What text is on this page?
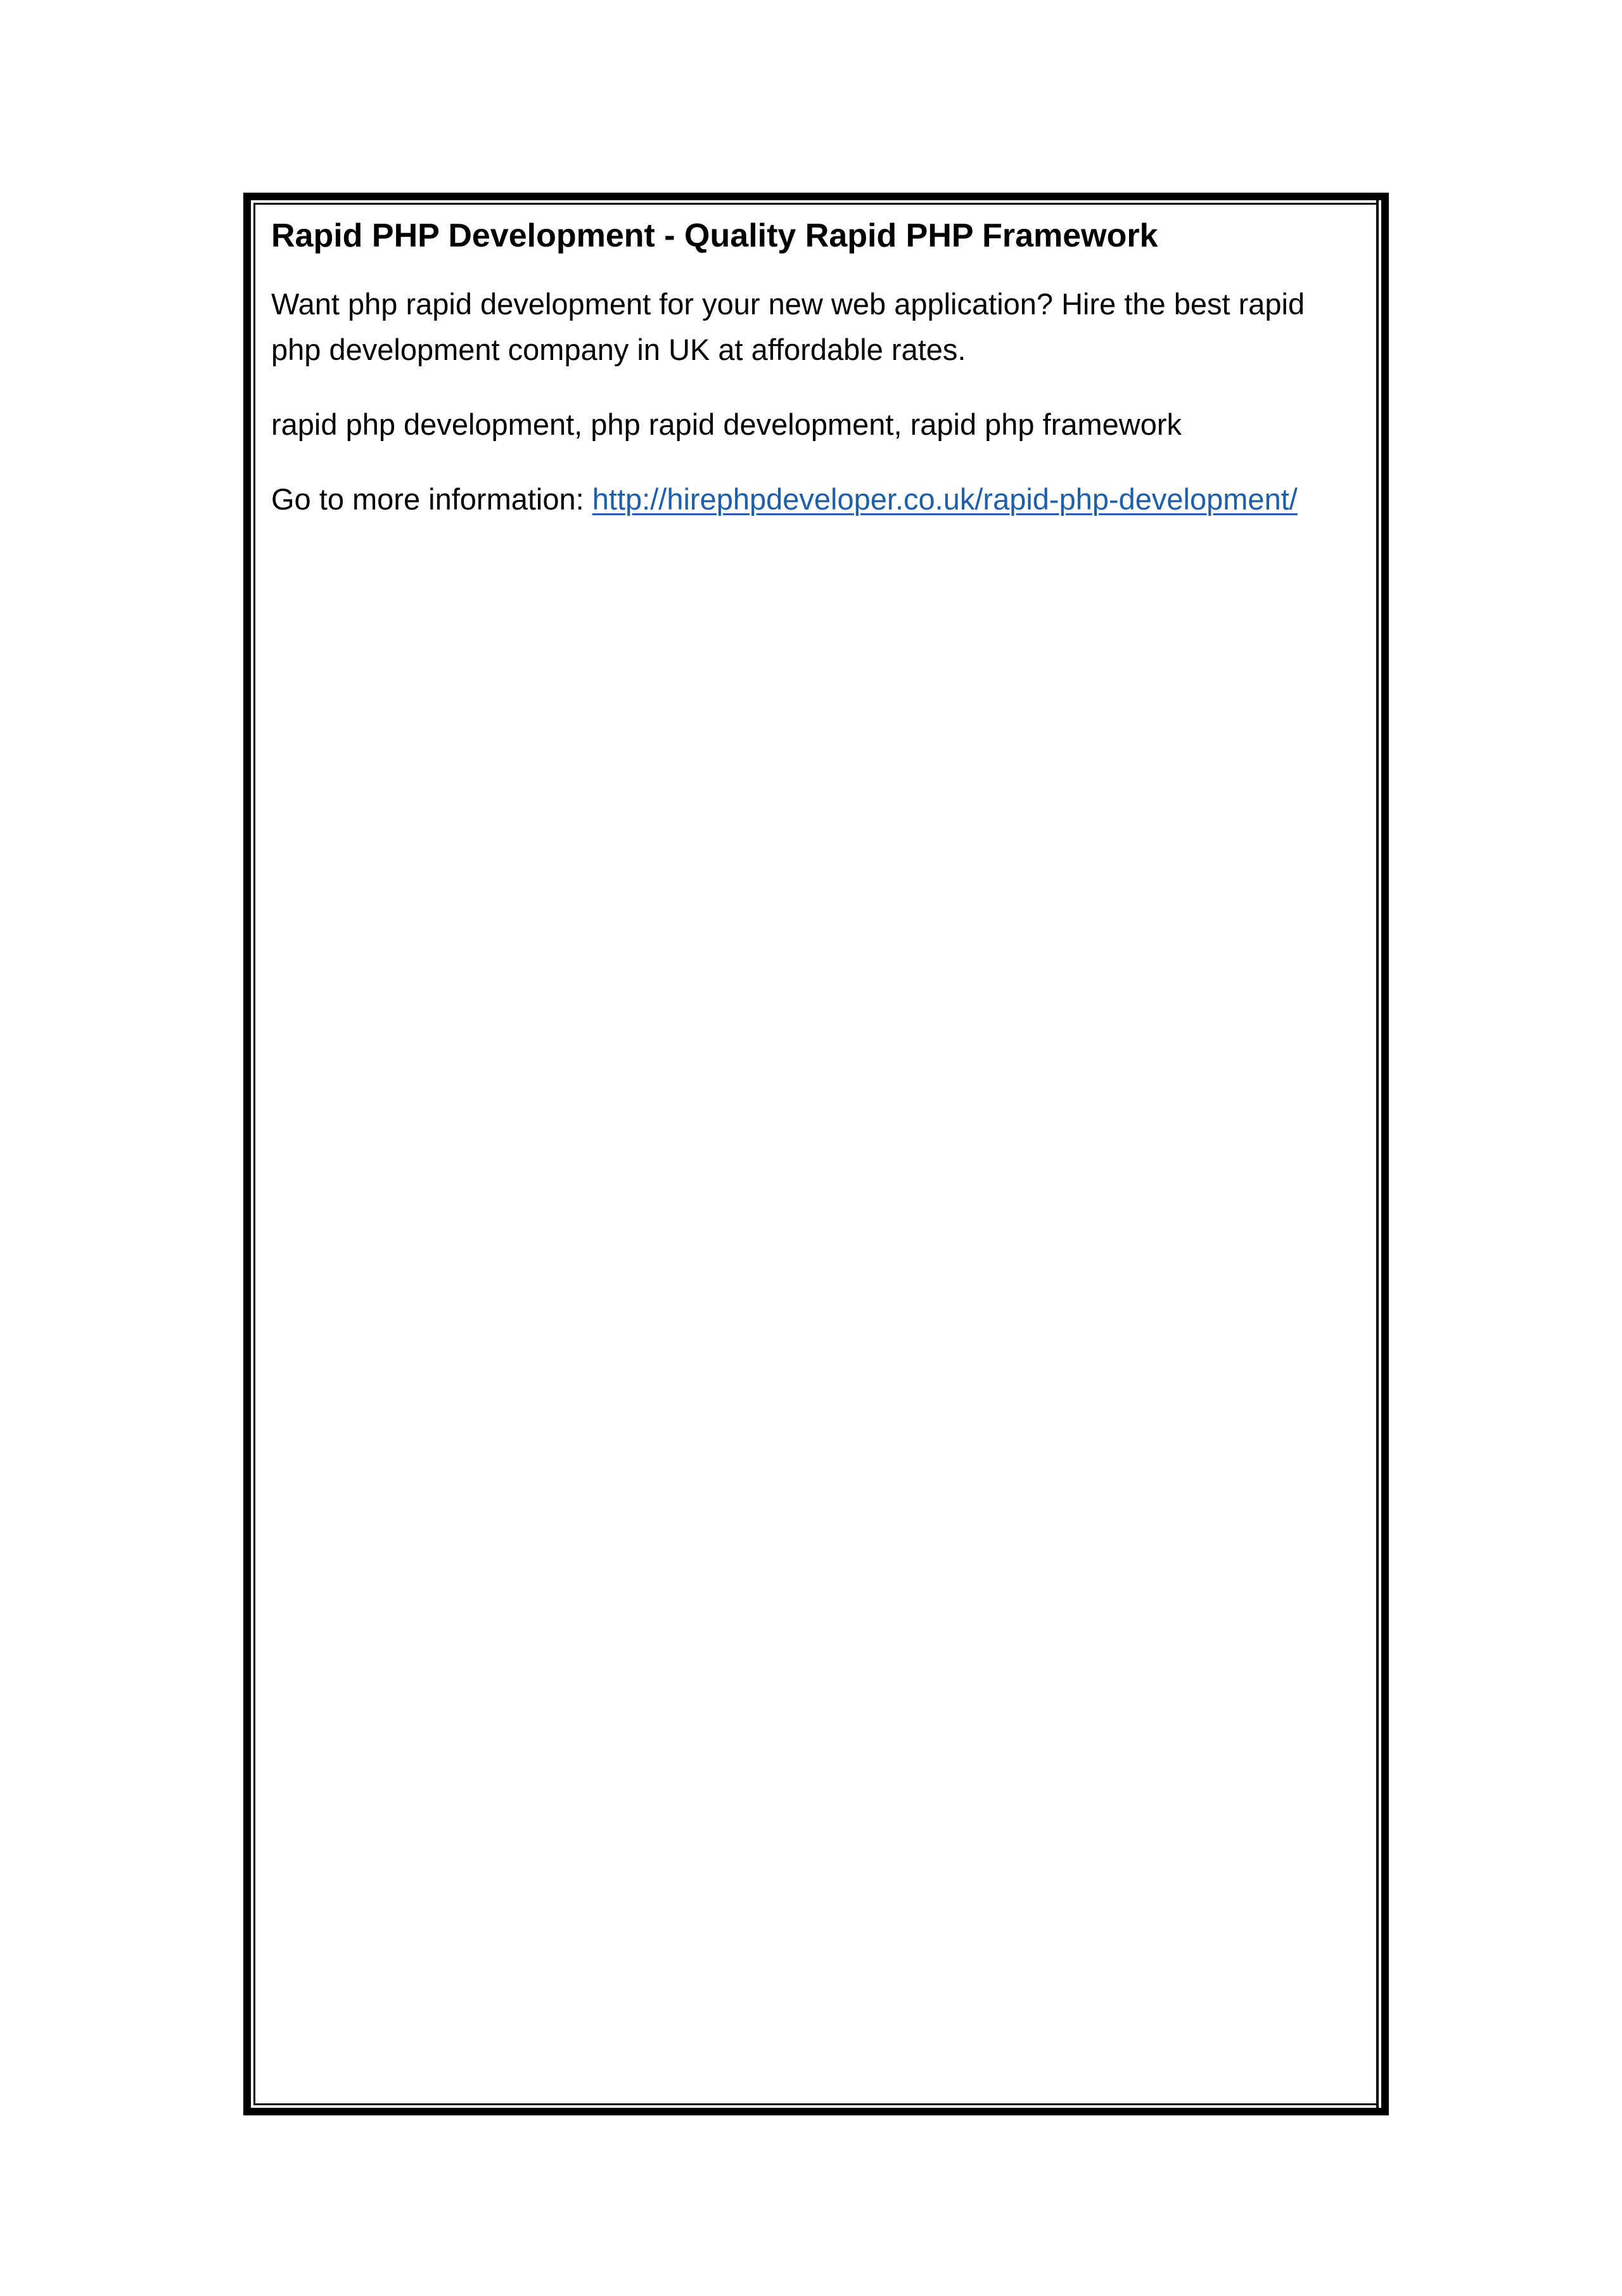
Rapid PHP Development - Quality Rapid PHP Framework

Want php rapid development for your new web application? Hire the best rapid php development company in UK at affordable rates.

rapid php development, php rapid development, rapid php framework

Go to more information: http://hirephpdeveloper.co.uk/rapid-php-development/
